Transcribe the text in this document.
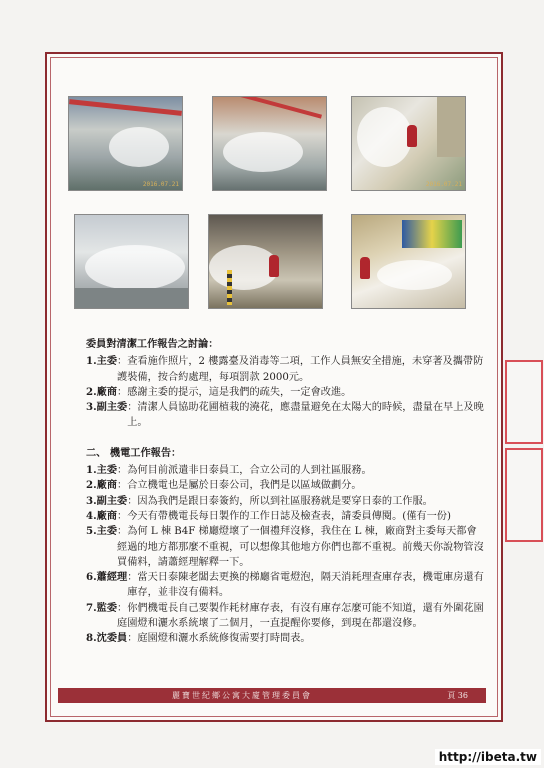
2016.07.21	2016.07.21
委員對清潔工作報告之討論：
1. 主委 ：查看施作照片，2 樓露臺及消毒等二項，工作人員無安全措施，未穿著及攜帶防護裝備，按合約處理，每項罰款 2000元。
2. 廠商 ：感謝主委的提示，這是我們的疏失，一定會改進。
3. 副主委 ：清潔人員協助花圃植栽的澆花，應盡量避免在太陽大的時候，盡量在早上及晚上。
二、 機電工作報告：
1. 主委 ：為何目前派遣非日泰員工，合立公司的人到社區服務。
2. 廠商 ：合立機電也是屬於日泰公司，我們是以區域做劃分。
3. 副主委 ：因為我們是跟日泰簽約，所以到社區服務就是要穿日泰的工作服。
4. 廠商 ：今天有帶機電長每日製作的工作日誌及檢查表，請委員傳閱。(僅有一份)
5. 主委 ：為何 L 棟 B4F 梯廳燈壞了一個禮拜沒修，我住在 L 棟，廠商對主委每天都會經過的地方都那麼不重視，可以想像其他地方你們也都不重視。前幾天你說物管沒買備料，請蕭經理解釋一下。
6. 蕭經理 ：當天日泰陳老闆去更換的梯廳省電燈泡，隔天消耗理查庫存表，機電庫房還有庫存，並非沒有備料。
7. 監委 ：你們機電長自己要製作耗材庫存表，有沒有庫存怎麼可能不知道，還有外圍花園庭園燈和灑水系統壞了二個月，一直提醒你要修，到現在都還沒修。
8. 沈委員 ：庭園燈和灑水系統修復需要打時間表。
麗寶世紀鄉公寓大廈管理委員會	頁 36
http://ibeta.tw
